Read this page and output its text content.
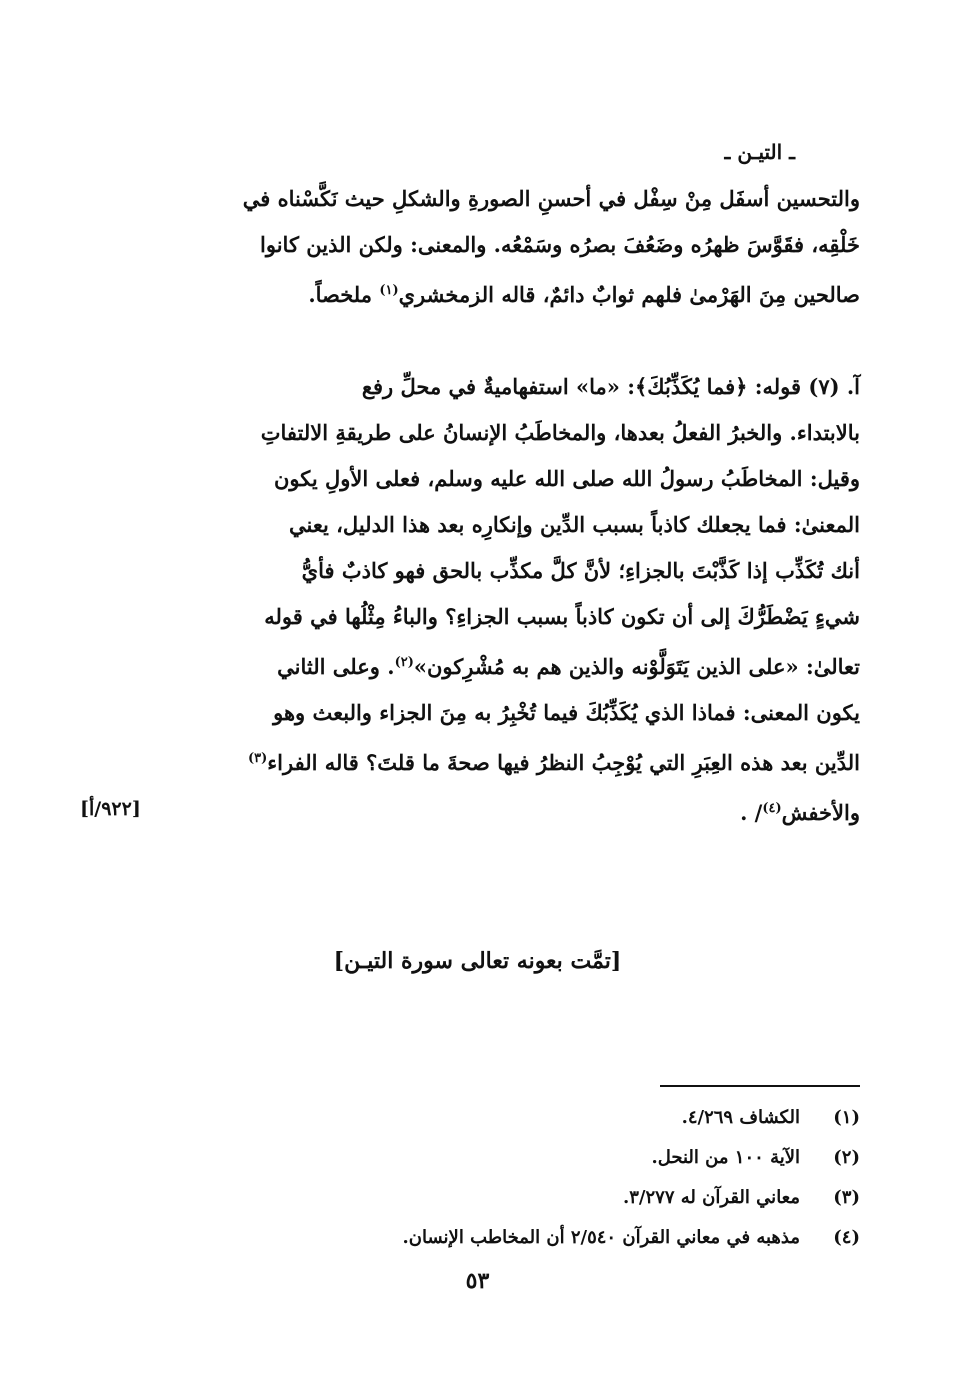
ـ التيـن ـ
والتحسين أسفَل مِنْ سِفْل في أحسنِ الصورةِ والشكلِ حيث نَكَّسْناه في
خَلْقِه، فقَوَّسَ ظهرُه وضَعُفَ بصرُه وسَمْعُه. والمعنى: ولكن الذين كانوا
صالحين مِنَ الهَرْمىٰ فلهم ثوابٌ دائمٌ، قاله الزمخشري$^{(١)}$ ملخصاً.
آ. (٧) قوله: ﴿فما يُكَذِّبُكَ﴾: «ما» استفهاميةٌ في محلِّ رفع
بالابتداء. والخبرُ الفعلُ بعدها، والمخاطَبُ الإنسانُ على طريقةِ الالتفاتِ
وقيل: المخاطَبُ رسولُ الله صلى الله عليه وسلم، فعلى الأولِ يكون
المعنىٰ: فما يجعلك كاذباً بسبب الدِّين وإنكارِه بعد هذا الدليل، يعني
أنك تُكَذِّب إذا كَذَّبْتَ بالجزاءِ؛ لأنَّ كلَّ مكذِّب بالحق فهو كاذبٌ فأيُّ
شيءٍ يَضْطَرُّكَ إلى أن تكون كاذباً بسبب الجزاءِ؟ والباءُ مِثْلُها في قوله
تعالىٰ: «على الذين يَتَوَلَّوْنه والذين هم به مُشْرِكون»$^{(٢)}$. وعلى الثاني
يكون المعنى: فماذا الذي يُكَذِّبُكَ فيما تُخْبِرُ به مِنَ الجزاء والبعث وهو
الدِّين بعد هذه العِبَرِ التي يُوْجِبُ النظرُ فيها صحةَ ما قلتَ؟ قاله الفراء$^{(٣)}$
والأخفش$^{(٤)}$/ .
[٩٢٢/أ]
[تمَّت بعونه تعالى سورة التيـن]
(١)
الكشاف ٤/٢٦٩.
(٢)
الآية ١٠٠ من النحل.
(٣)
معاني القرآن له ٣/٢٧٧.
(٤)
مذهبه في معاني القرآن ٢/٥٤٠ أن المخاطب الإنسان.
٥٣
